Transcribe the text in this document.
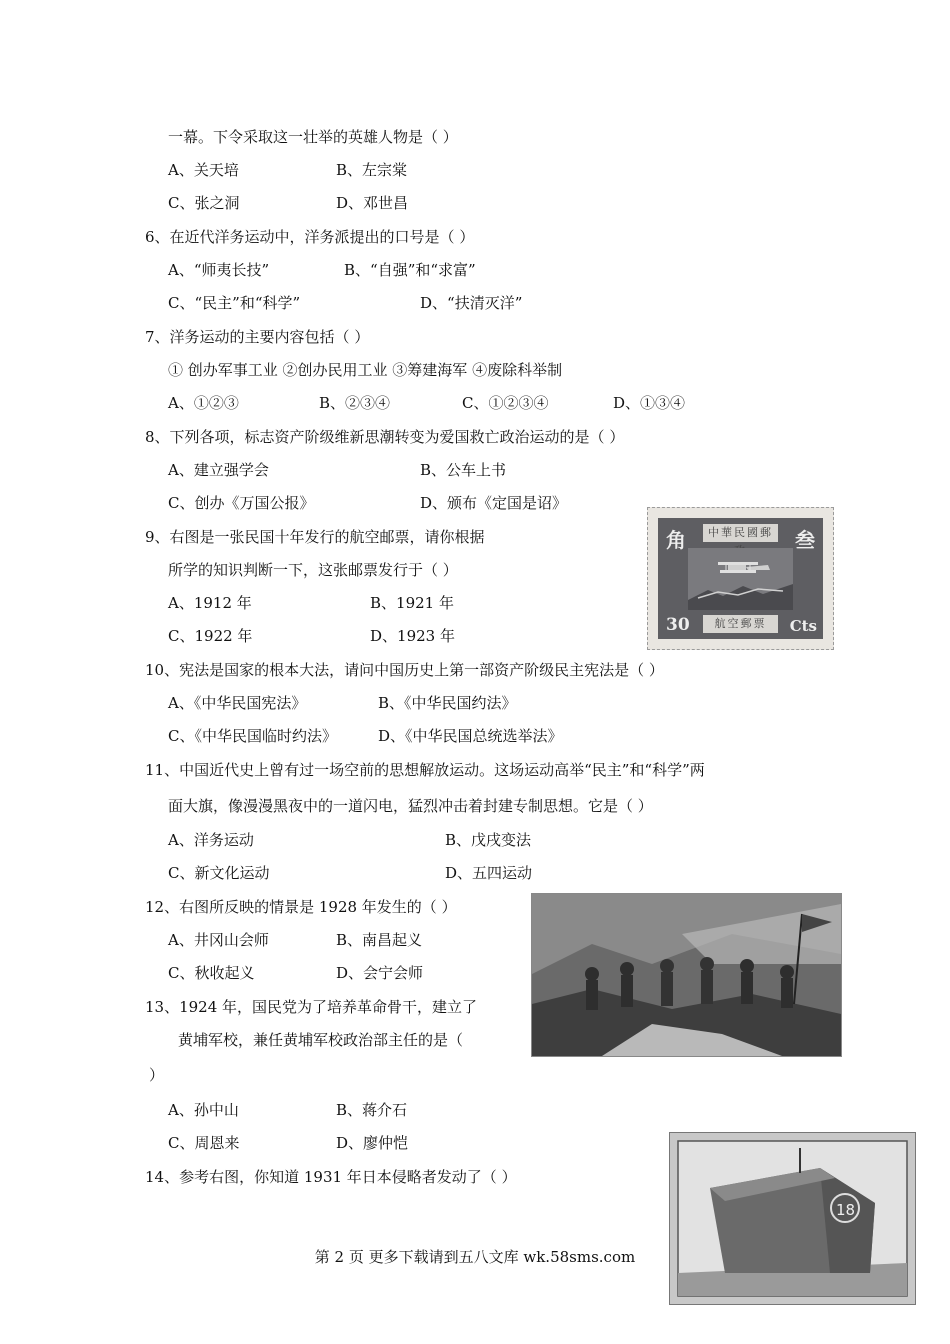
一幕。下令采取这一壮举的英雄人物是（ ）
A、关天培	B、左宗棠
C、张之洞	D、邓世昌
6、在近代洋务运动中，洋务派提出的口号是（ ）
A、“师夷长技”	B、“自强”和“求富”
C、“民主”和“科学”	D、“扶清灭洋”
7、洋务运动的主要内容包括（ ）
① 创办军事工业 ②创办民用工业 ③筹建海军 ④废除科举制
A、①②③	B、②③④	C、①②③④	D、①③④
8、下列各项，标志资产阶级维新思潮转变为爱国救亡政治运动的是（ ）
A、建立强学会	B、公车上书
C、创办《万国公报》	D、颁布《定国是诏》
9、右图是一张民国十年发行的航空邮票，请你根据
所学的知识判断一下，这张邮票发行于（ ）
A、1912 年	B、1921 年
C、1922 年	D、1923 年
中華民國郵
角	叁
30	航空郵票	Cts
10、宪法是国家的根本大法，请问中国历史上第一部资产阶级民主宪法是（ ）
A、《中华民国宪法》	B、《中华民国约法》
C、《中华民国临时约法》	D、《中华民国总统选举法》
11、中国近代史上曾有过一场空前的思想解放运动。这场运动高举“民主”和“科学”两
面大旗，像漫漫黑夜中的一道闪电，猛烈冲击着封建专制思想。它是（ ）
A、洋务运动	B、戊戌变法
C、新文化运动	D、五四运动
12、右图所反映的情景是 1928 年发生的（ ）
A、井冈山会师	B、南昌起义
C、秋收起义	D、会宁会师
13、1924 年，国民党为了培养革命骨干，建立了
黄埔军校，兼任黄埔军校政治部主任的是（
）
A、孙中山	B、蒋介石
C、周恩来	D、廖仲恺
14、参考右图，你知道 1931 年日本侵略者发动了（ ）
18
第 2 页 更多下载请到五八文库 wk.58sms.com
